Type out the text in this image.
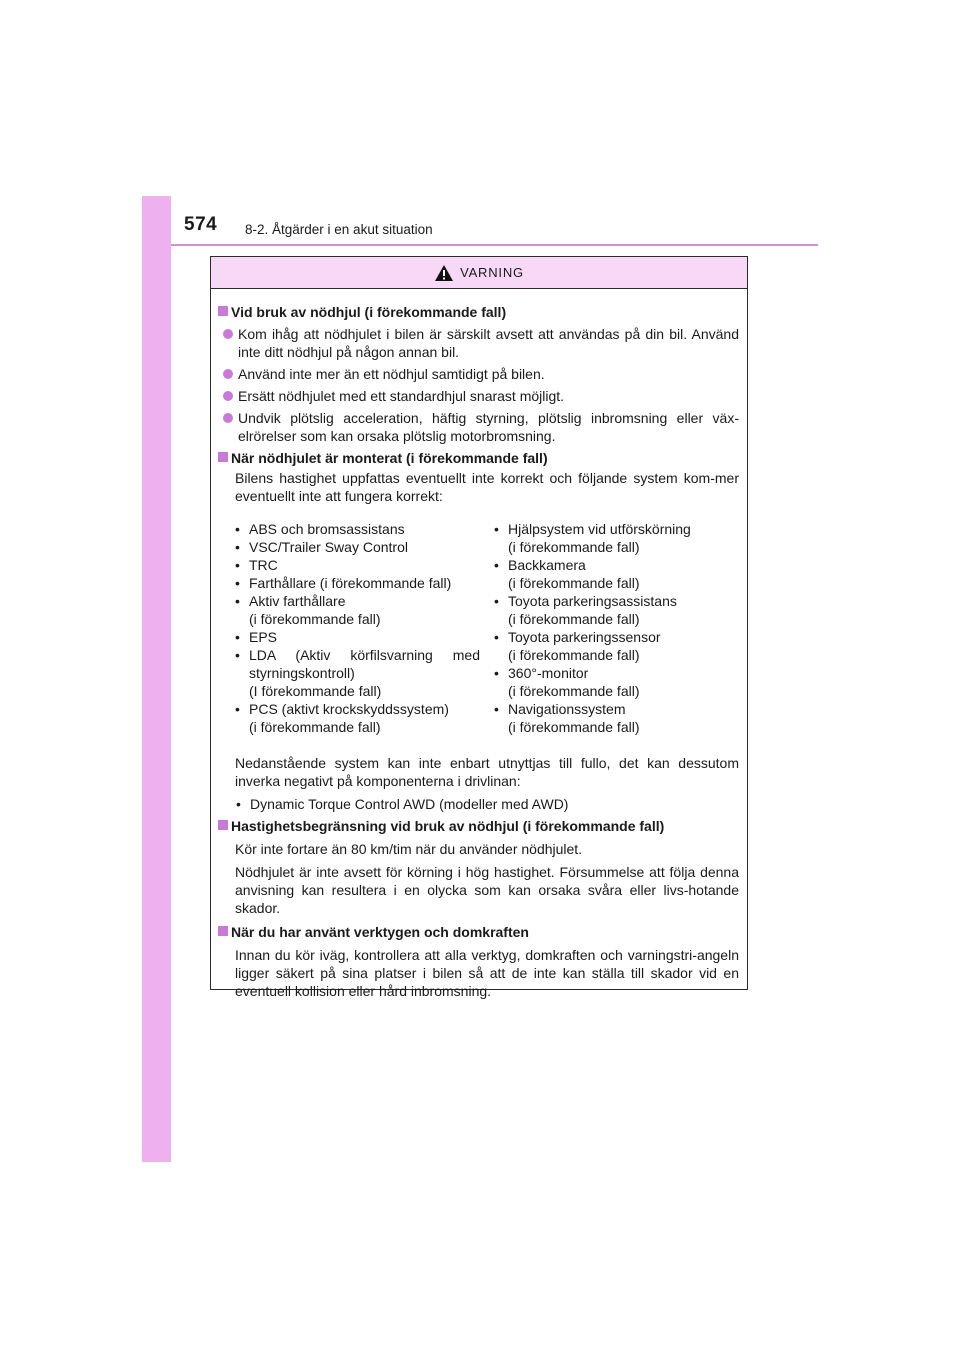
574 8-2. Åtgärder i en akut situation
VARNING
Vid bruk av nödhjul (i förekommande fall)
Kom ihåg att nödhjulet i bilen är särskilt avsett att användas på din bil. Använd inte ditt nödhjul på någon annan bil.
Använd inte mer än ett nödhjul samtidigt på bilen.
Ersätt nödhjulet med ett standardhjul snarast möjligt.
Undvik plötslig acceleration, häftig styrning, plötslig inbromsning eller väx-elrörelser som kan orsaka plötslig motorbromsning.
När nödhjulet är monterat (i förekommande fall)
Bilens hastighet uppfattas eventuellt inte korrekt och följande system kom-mer eventuellt inte att fungera korrekt:
• ABS och bromsassistans
• VSC/Trailer Sway Control
• TRC
• Farthållare (i förekommande fall)
• Aktiv farthållare
(i förekommande fall)
• EPS
• LDA (Aktiv körfilsvarning med styrningskontroll)
(I förekommande fall)
• PCS (aktivt krockskyddssystem)
(i förekommande fall)
• Hjälpsystem vid utförskörning
(i förekommande fall)
• Backkamera
(i förekommande fall)
• Toyota parkeringsassistans
(i förekommande fall)
• Toyota parkeringssensor
(i förekommande fall)
• 360°-monitor
(i förekommande fall)
• Navigationssystem
(i förekommande fall)
Nedanstående system kan inte enbart utnyttjas till fullo, det kan dessutom inverka negativt på komponenterna i drivlinan:
• Dynamic Torque Control AWD (modeller med AWD)
Hastighetsbegränsning vid bruk av nödhjul (i förekommande fall)
Kör inte fortare än 80 km/tim när du använder nödhjulet.
Nödhjulet är inte avsett för körning i hög hastighet. Försummelse att följa denna anvisning kan resultera i en olycka som kan orsaka svåra eller livs-hotande skador.
När du har använt verktygen och domkraften
Innan du kör iväg, kontrollera att alla verktyg, domkraften och varningstri-angeln ligger säkert på sina platser i bilen så att de inte kan ställa till skador vid en eventuell kollision eller hård inbromsning.
